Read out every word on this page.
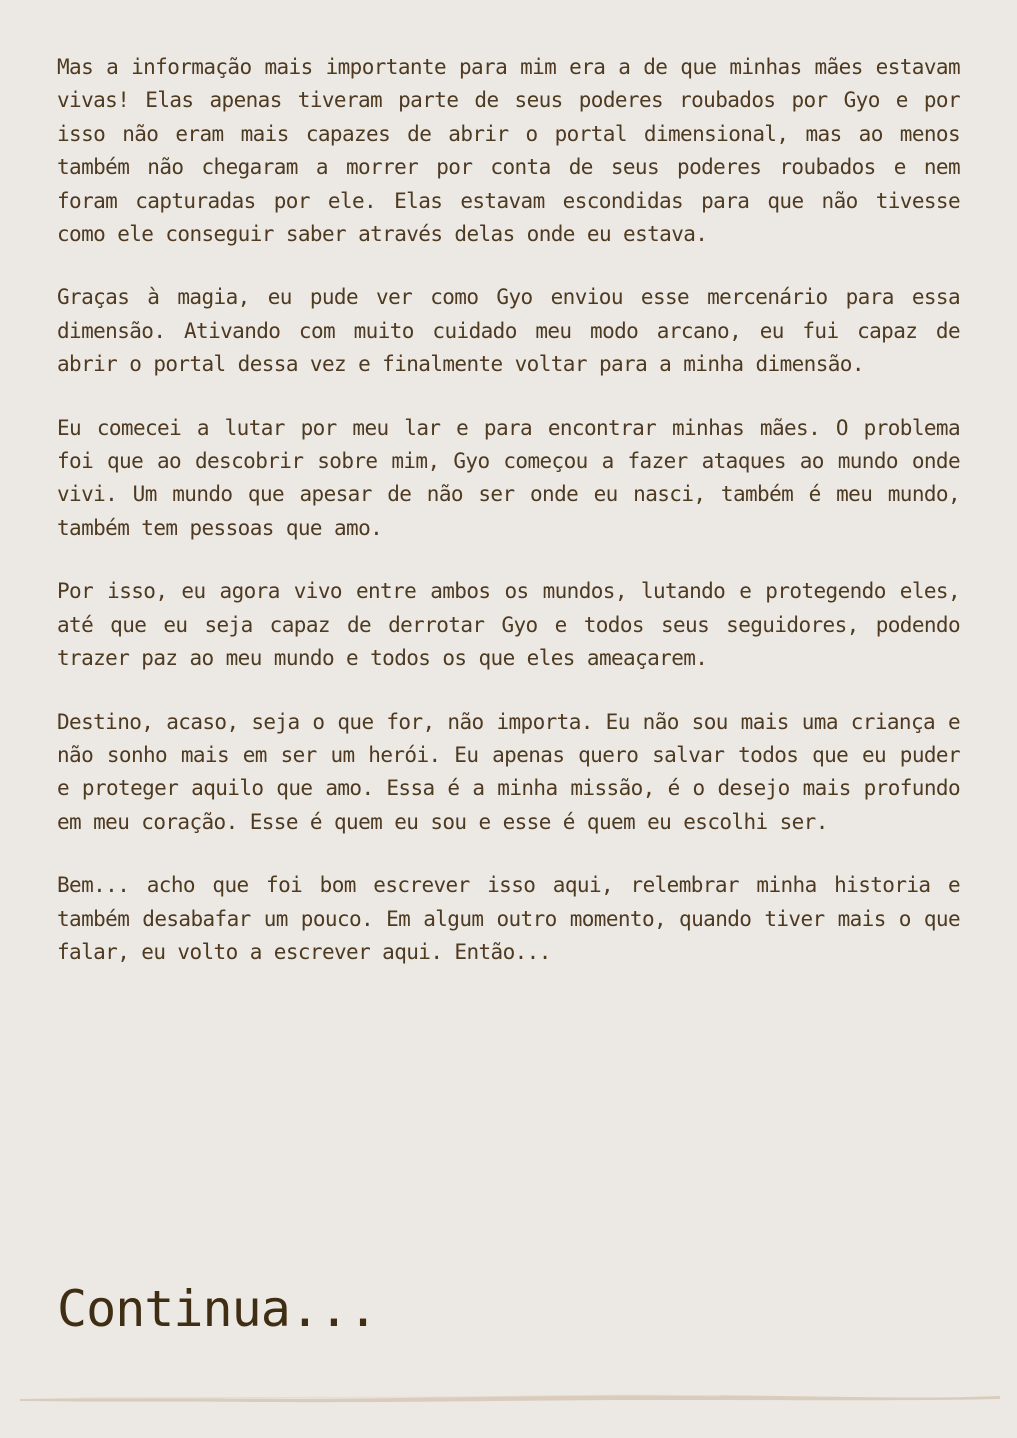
Mas a informação mais importante para mim era a de que minhas mães estavam vivas! Elas apenas tiveram parte de seus poderes roubados por Gyo e por isso não eram mais capazes de abrir o portal dimensional, mas ao menos também não chegaram a morrer por conta de seus poderes roubados e nem foram capturadas por ele. Elas estavam escondidas para que não tivesse como ele conseguir saber através delas onde eu estava.

Graças à magia, eu pude ver como Gyo enviou esse mercenário para essa dimensão. Ativando com muito cuidado meu modo arcano, eu fui capaz de abrir o portal dessa vez e finalmente voltar para a minha dimensão.

Eu comecei a lutar por meu lar e para encontrar minhas mães. O problema foi que ao descobrir sobre mim, Gyo começou a fazer ataques ao mundo onde vivi. Um mundo que apesar de não ser onde eu nasci, também é meu mundo, também tem pessoas que amo.

Por isso, eu agora vivo entre ambos os mundos, lutando e protegendo eles, até que eu seja capaz de derrotar Gyo e todos seus seguidores, podendo trazer paz ao meu mundo e todos os que eles ameaçarem.

Destino, acaso, seja o que for, não importa. Eu não sou mais uma criança e não sonho mais em ser um herói. Eu apenas quero salvar todos que eu puder e proteger aquilo que amo. Essa é a minha missão, é o desejo mais profundo em meu coração. Esse é quem eu sou e esse é quem eu escolhi ser.

Bem... acho que foi bom escrever isso aqui, relembrar minha historia e também desabafar um pouco. Em algum outro momento, quando tiver mais o que falar, eu volto a escrever aqui. Então...

Continua...
